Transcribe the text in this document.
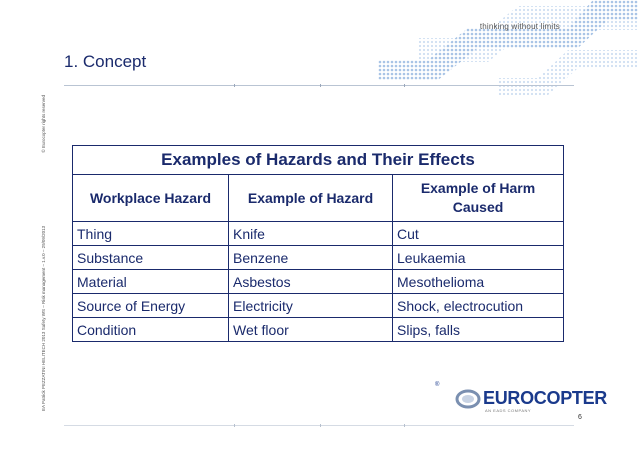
thinking without limits
1. Concept
EA Patrick PEZZATINI HELITECH 2013 Safety WS – Risk management – 1.v.0 – 29/09/2013 © Eurocopter rights reserved
Examples of Hazards and Their Effects		
Workplace Hazard	Example of Hazard	Example of Harm Caused
Thing	Knife	Cut
Substance	Benzene	Leukaemia
Material	Asbestos	Mesothelioma
Source of Energy	Electricity	Shock, electrocution
Condition	Wet floor	Slips, falls
®
EUROCOPTER
AN EADS COMPANY
6
